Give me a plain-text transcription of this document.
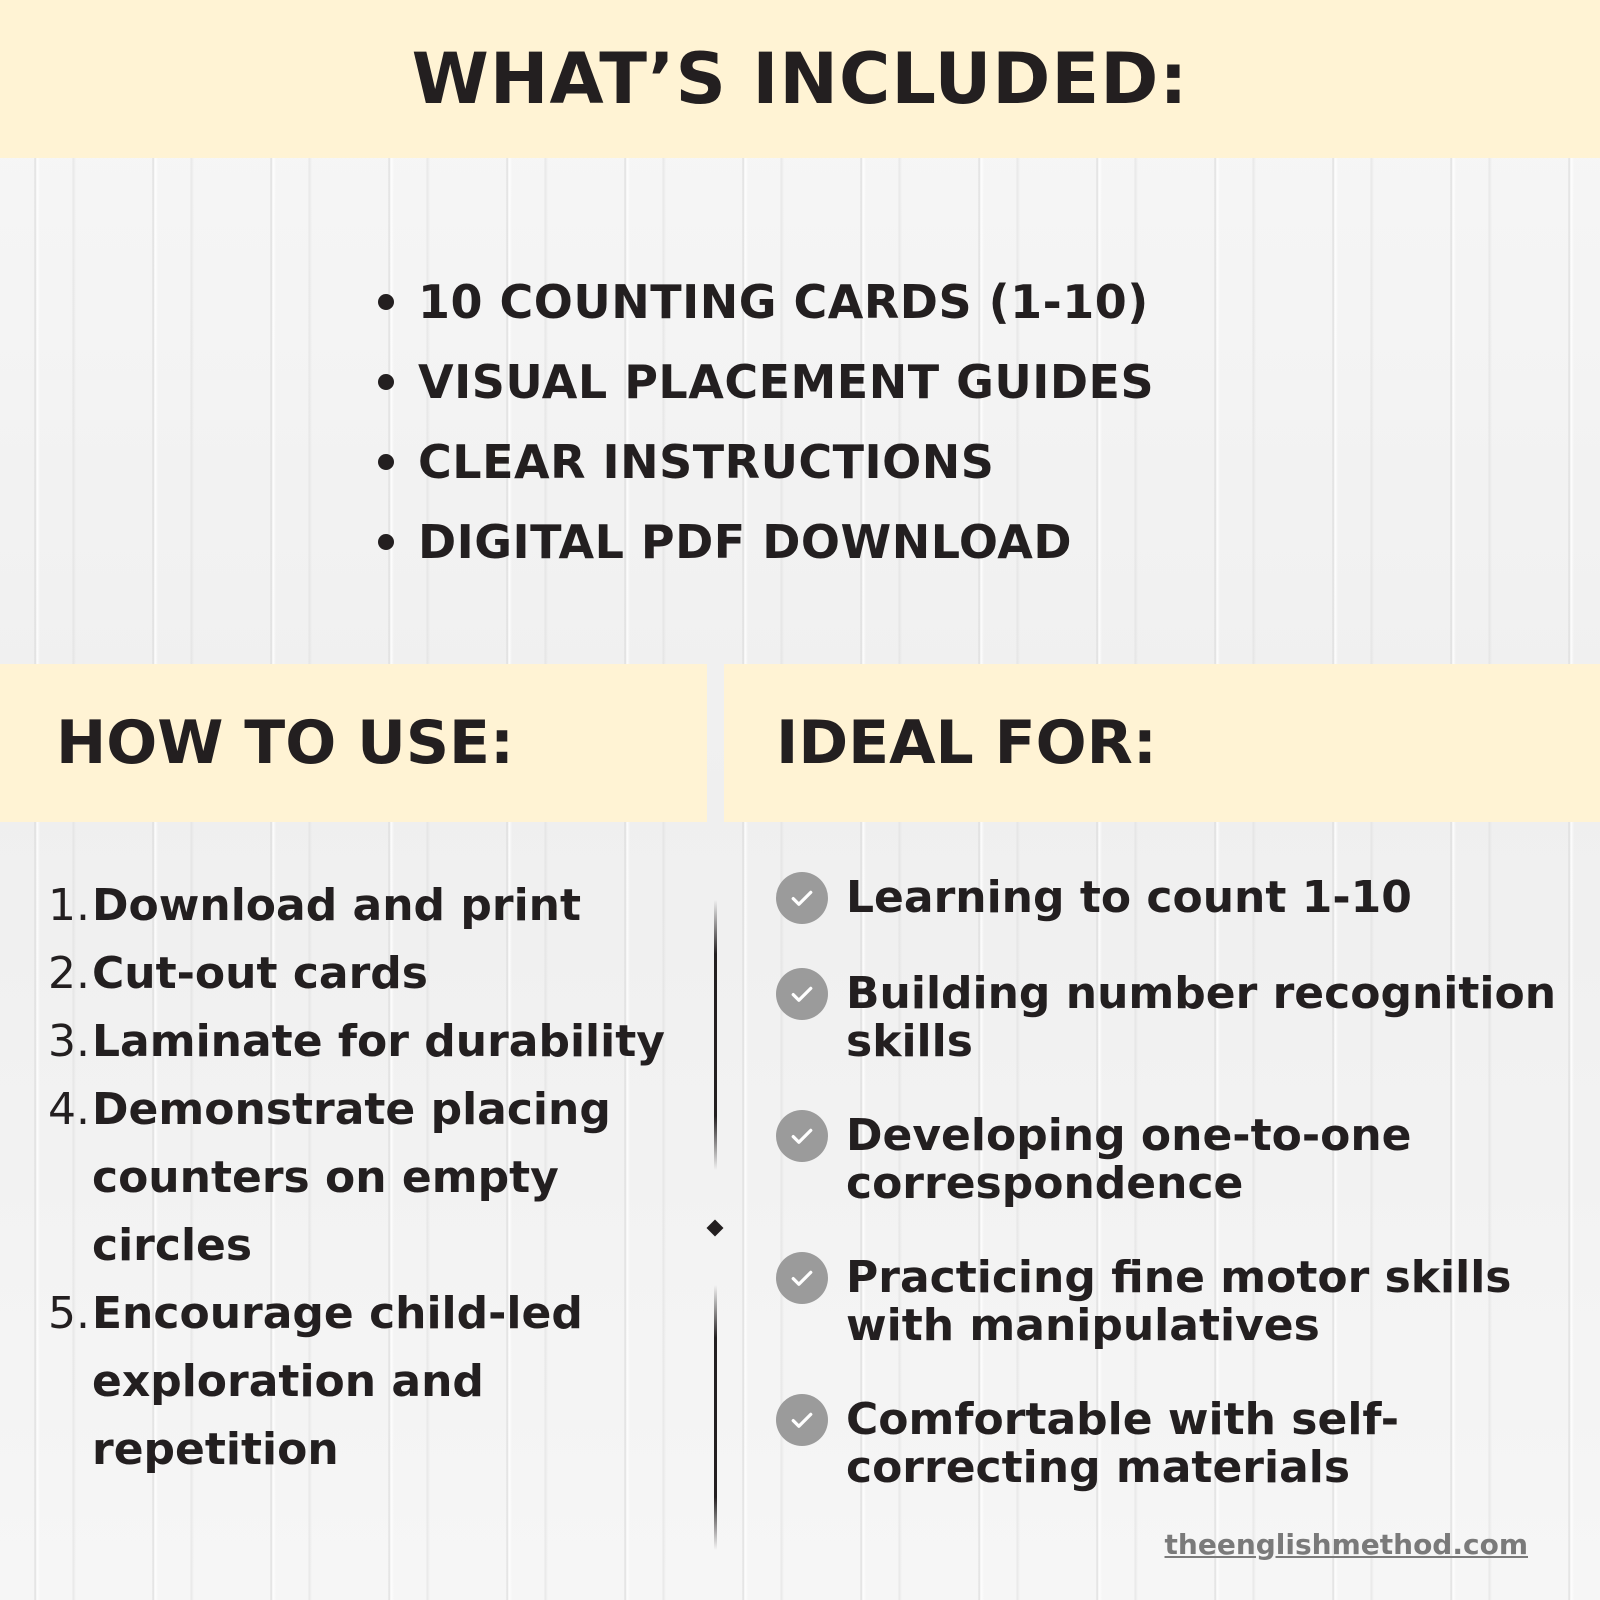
WHAT’S INCLUDED:
10 COUNTING CARDS (1-10)
VISUAL PLACEMENT GUIDES
CLEAR INSTRUCTIONS
DIGITAL PDF DOWNLOAD
HOW TO USE:	IDEAL FOR:
1. Download and print
2. Cut-out cards
3. Laminate for durability
4. Demonstrate placing counters on empty circles
5. Encourage child-led exploration and repetition
Learning to count 1-10
Building number recognition skills
Developing one-to-one correspondence
Practicing fine motor skills with manipulatives
Comfortable with self-correcting materials
theenglishmethod.com
